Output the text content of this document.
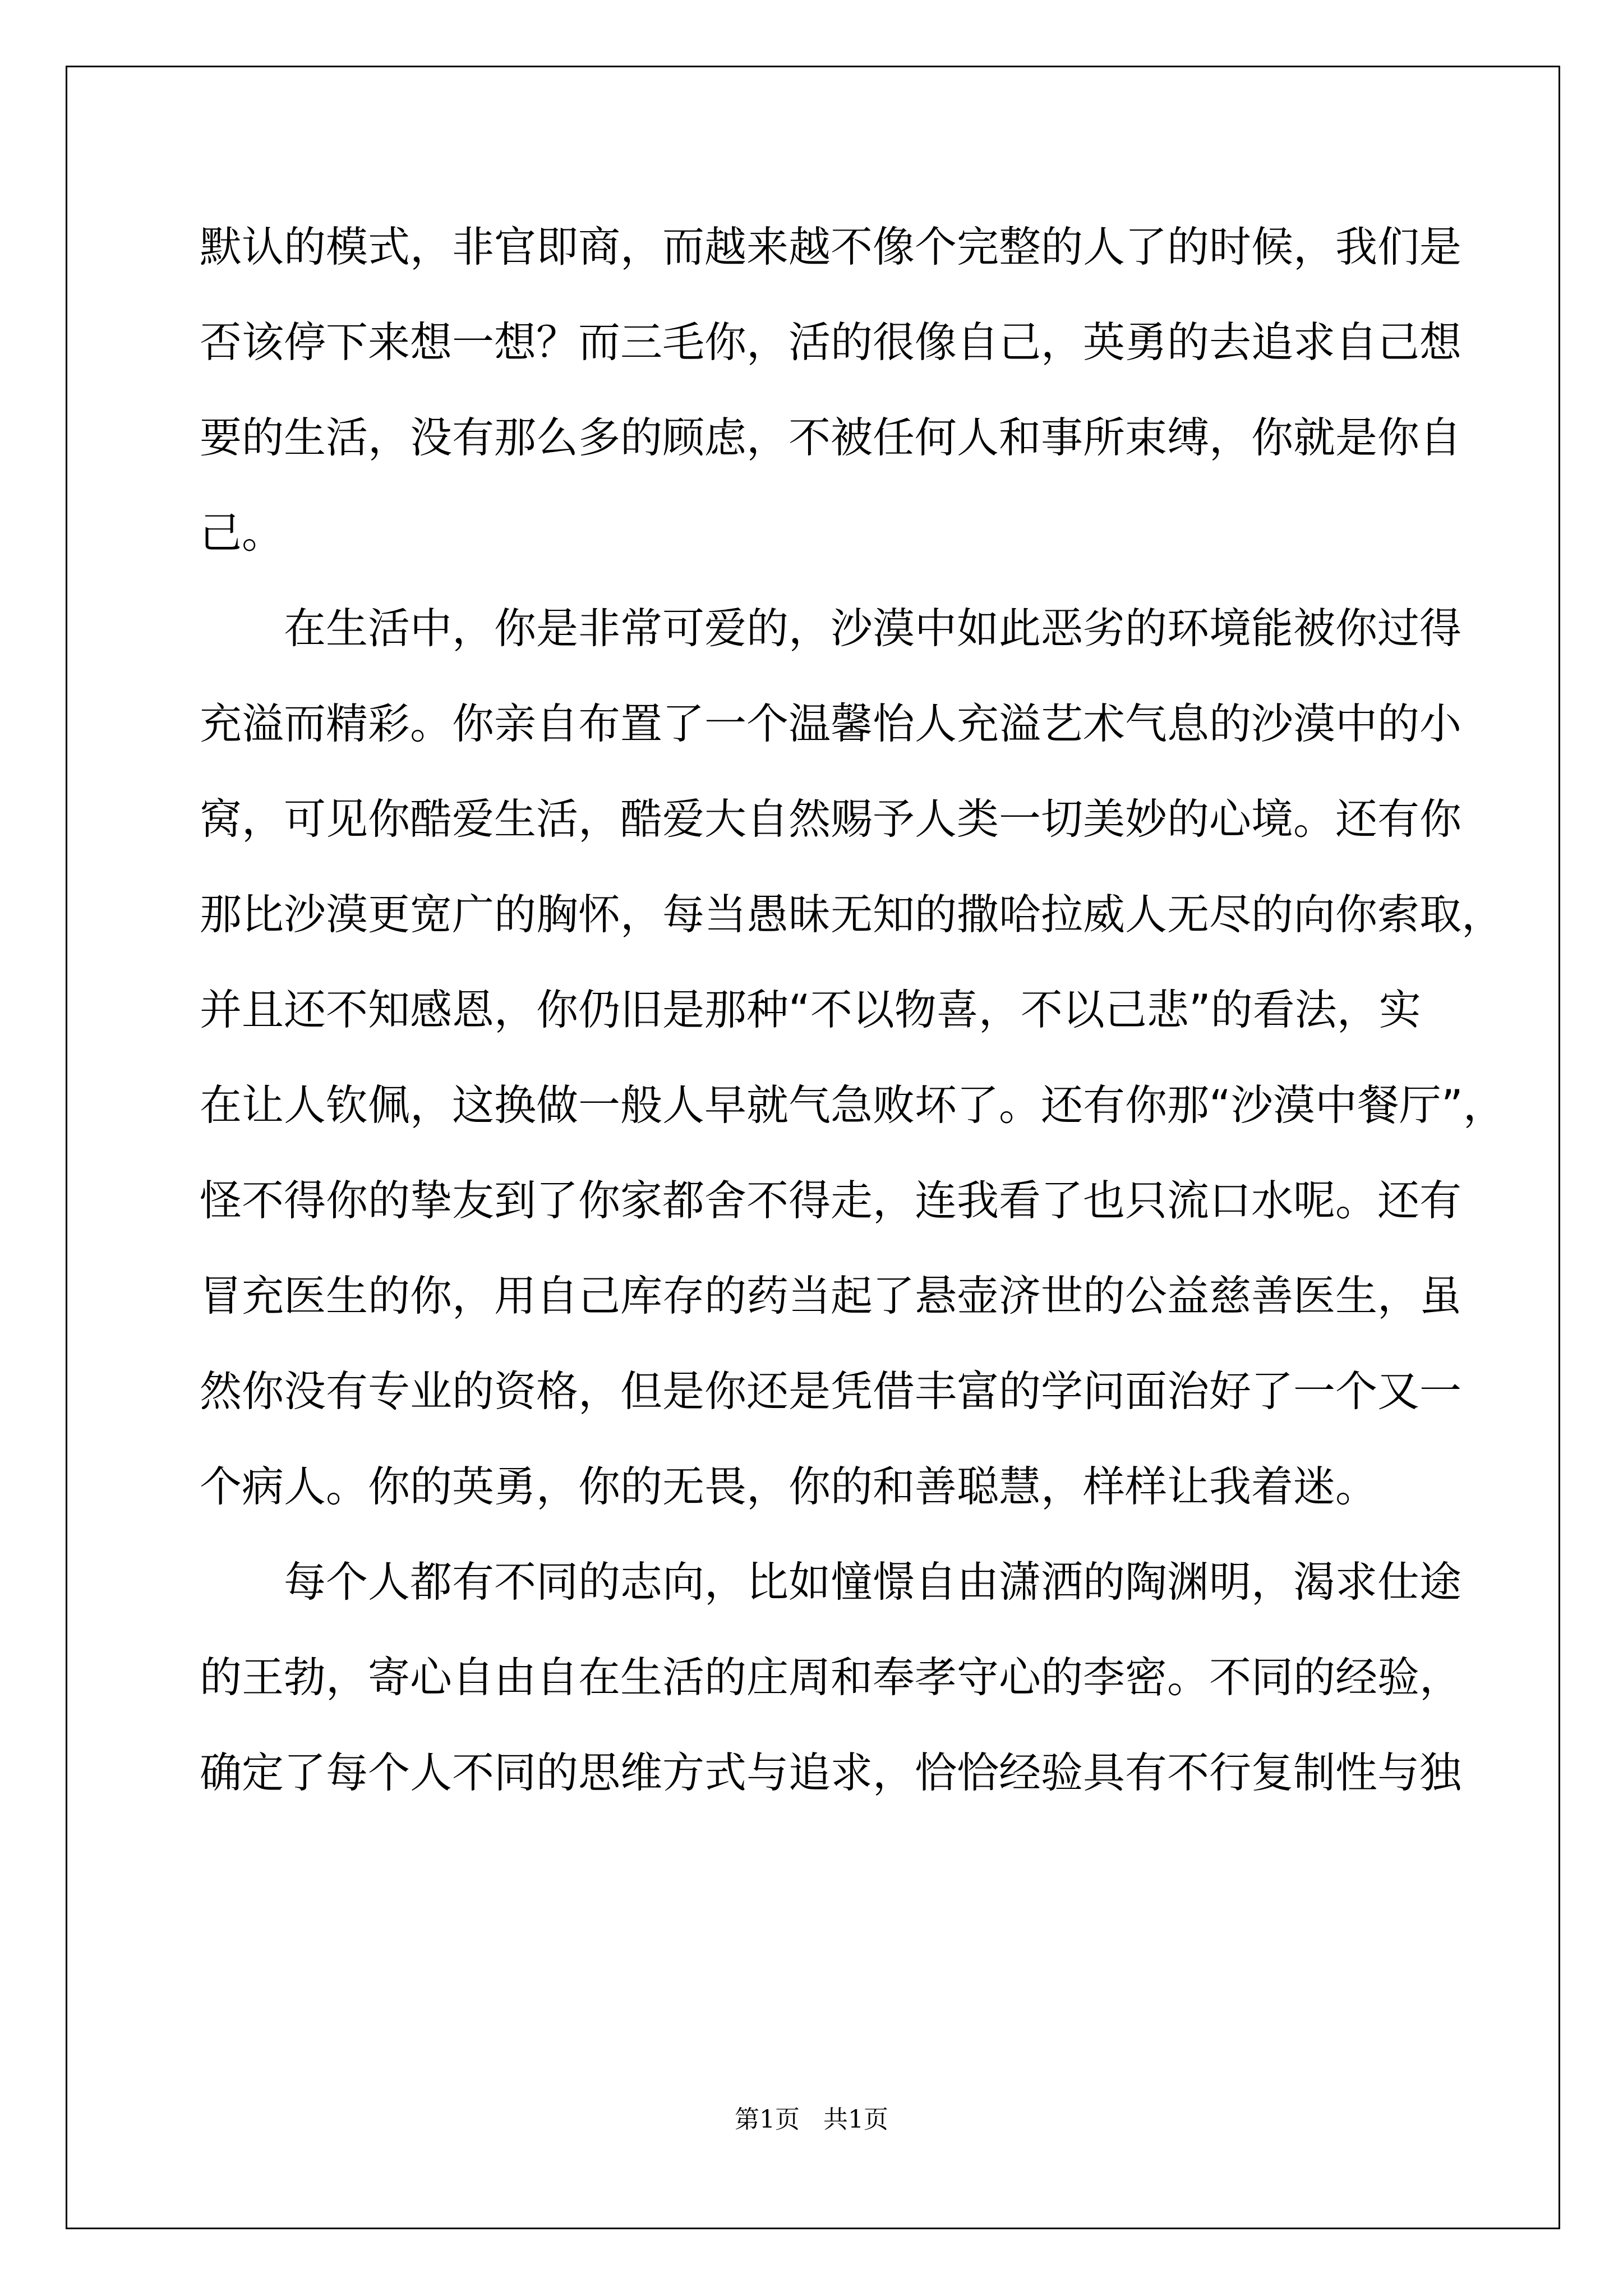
默认的模式，非官即商，而越来越不像个完整的人了的时候，我们是
否该停下来想一想？而三毛你，活的很像自己，英勇的去追求自己想
要的生活，没有那么多的顾虑，不被任何人和事所束缚，你就是你自
己。
在生活中，你是非常可爱的，沙漠中如此恶劣的环境能被你过得
充溢而精彩。你亲自布置了一个温馨怡人充溢艺术气息的沙漠中的小
窝，可见你酷爱生活，酷爱大自然赐予人类一切美妙的心境。还有你
那比沙漠更宽广的胸怀，每当愚昧无知的撒哈拉威人无尽的向你索取，
并且还不知感恩，你仍旧是那种“不以物喜，不以己悲”的看法，实
在让人钦佩，这换做一般人早就气急败坏了。还有你那“沙漠中餐厅”，
怪不得你的挚友到了你家都舍不得走，连我看了也只流口水呢。还有
冒充医生的你，用自己库存的药当起了悬壶济世的公益慈善医生，虽
然你没有专业的资格，但是你还是凭借丰富的学问面治好了一个又一
个病人。你的英勇，你的无畏，你的和善聪慧，样样让我着迷。
每个人都有不同的志向，比如憧憬自由潇洒的陶渊明，渴求仕途
的王勃，寄心自由自在生活的庄周和奉孝守心的李密。不同的经验，
确定了每个人不同的思维方式与追求，恰恰经验具有不行复制性与独
第1页   共1页
